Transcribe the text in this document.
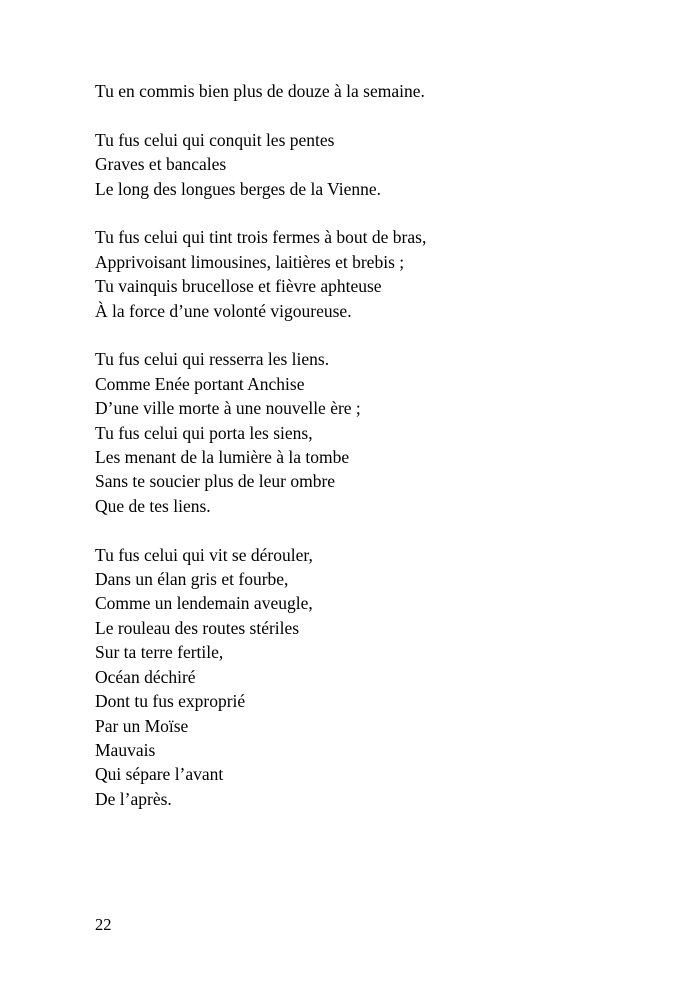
Tu en commis bien plus de douze à la semaine.
Tu fus celui qui conquit les pentes
Graves et bancales
Le long des longues berges de la Vienne.
Tu fus celui qui tint trois fermes à bout de bras,
Apprivoisant limousines, laitières et brebis ;
Tu vainquis brucellose et fièvre aphteuse
À la force d’une volonté vigoureuse.
Tu fus celui qui resserra les liens.
Comme Enée portant Anchise
D’une ville morte à une nouvelle ère ;
Tu fus celui qui porta les siens,
Les menant de la lumière à la tombe
Sans te soucier plus de leur ombre
Que de tes liens.
Tu fus celui qui vit se dérouler,
Dans un élan gris et fourbe,
Comme un lendemain aveugle,
Le rouleau des routes stériles
Sur ta terre fertile,
Océan déchiré
Dont tu fus exproprié
Par un Moïse
Mauvais
Qui sépare l’avant
De l’après.
22
